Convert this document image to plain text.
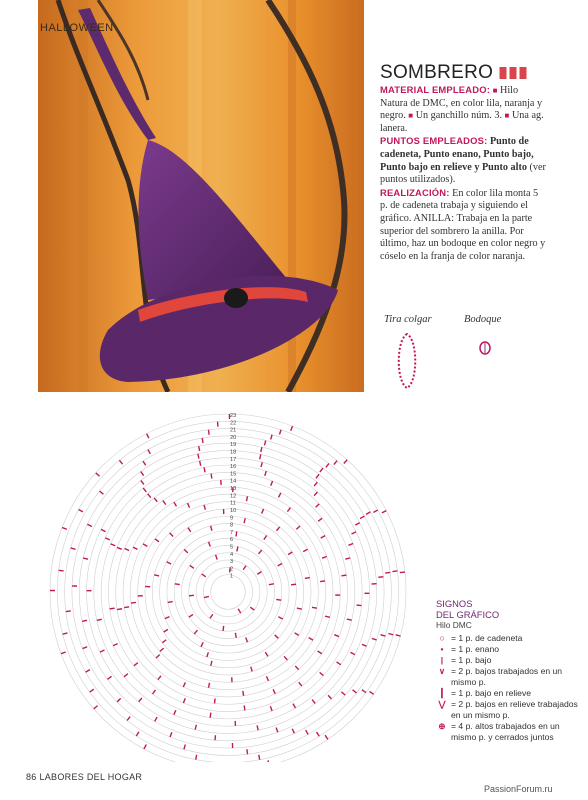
HALLOWEEN
SOMBRERO

MATERIAL EMPLEADO: ■ Hilo Natura de DMC, en color lila, naranja y negro. ■ Un ganchillo núm. 3. ■ Una ag. lanera.

PUNTOS EMPLEADOS: Punto de cadeneta, Punto enano, Punto bajo, Punto bajo en relieve y Punto alto (ver puntos utilizados).

REALIZACIÓN: En color lila monta 5 p. de cadeneta trabaja y siguiendo el gráfico. ANILLA: Trabaja en la parte superior del sombrero la anilla. Por último, haz un bodoque en color negro y cóselo en la franja de color naranja.

Tira colgar	Bodoque
23
22
21
20
19
18
17
16
15
14
13
12
11
10
9
8
7
6
5
4
3
2
1
SIGNOS
DEL GRÁFICO
Hilo DMC
○ = 1 p. de cadeneta
• = 1 p. enano
| = 1 p. bajo
∨ = 2 p. bajos trabajados en un mismo p.
┃ = 1 p. bajo en relieve
⋁ = 2 p. bajos en relieve trabajados en un mismo p.
⊕ = 4 p. altos trabajados en un mismo p. y cerrados juntos
86 LABORES DEL HOGAR
PassionForum.ru
